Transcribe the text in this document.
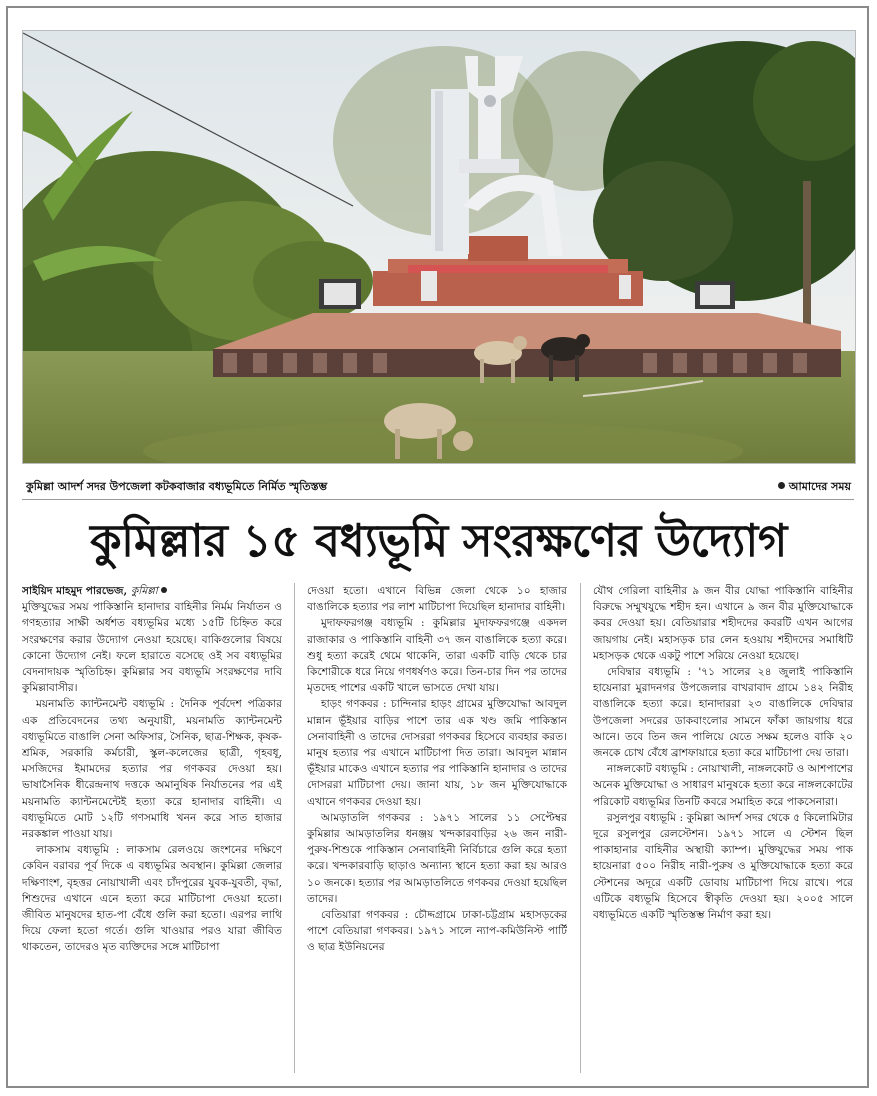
কুমিল্লা আদর্শ সদর উপজেলা কটকবাজার বধ্যভূমিতে নির্মিত স্মৃতিস্তম্ভ	আমাদের সময়
কুমিল্লার ১৫ বধ্যভূমি সংরক্ষণের উদ্যোগ

সাইয়িদ মাহমুদ পারভেজ, কুমিল্লা

মুক্তিযুদ্ধের সময় পাকিস্তানি হানাদার বাহিনীর নির্মম নির্যাতন ও গণহত্যার সাক্ষী অর্ধশত বধ্যভূমির মধ্যে ১৫টি চিহ্নিত করে সংরক্ষণের করার উদ্যোগ নেওয়া হয়েছে। বাকিগুলোর বিষয়ে কোনো উদ্যোগ নেই। ফলে হারাতে বসেছে ওই সব বধ্যভূমির বেদনাদায়ক স্মৃতিচিহ্ন। কুমিল্লার সব বধ্যভূমি সংরক্ষণের দাবি কুমিল্লাবাসীর।

ময়নামতি ক্যান্টনমেন্ট বধ্যভূমি : দৈনিক পূর্বদেশ পত্রিকার এক প্রতিবেদনের তথ্য অনুযায়ী, ময়নামতি ক্যান্টনমেন্ট বধ্যভূমিতে বাঙালি সেনা অফিসার, সৈনিক, ছাত্র-শিক্ষক, কৃষক-শ্রমিক, সরকারি কর্মচারী, স্কুল-কলেজের ছাত্রী, গৃহবধূ, মসজিদের ইমামদের হত্যার পর গণকবর দেওয়া হয়। ভাষাসৈনিক ধীরেন্দ্রনাথ দত্তকে অমানুষিক নির্যাতনের পর এই ময়নামতি ক্যান্টনমেন্টেই হত্যা করে হানাদার বাহিনী। এ বধ্যভূমিতে মোট ১২টি গণসমাধি খনন করে সাত হাজার নরকঙ্কাল পাওয়া যায়।

লাকসাম বধ্যভূমি : লাকসাম রেলওয়ে জংশনের দক্ষিণে কেবিন বরাবর পূর্ব দিকে এ বধ্যভূমির অবস্থান। কুমিল্লা জেলার দক্ষিণাংশ, বৃহত্তর নোয়াখালী এবং চাঁদপুরের যুবক-যুবতী, বৃদ্ধা, শিশুদের এখানে এনে হত্যা করে মাটিচাপা দেওয়া হতো। জীবিত মানুষদের হাত-পা বেঁধে গুলি করা হতো। এরপর লাথি দিয়ে ফেলা হতো গর্তে। গুলি খাওয়ার পরও যারা জীবিত থাকতেন, তাদেরও মৃত ব্যক্তিদের সঙ্গে মাটিচাপা

দেওয়া হতো। এখানে বিভিন্ন জেলা থেকে ১০ হাজার বাঙালিকে হত্যার পর লাশ মাটিচাপা দিয়েছিল হানাদার বাহিনী।

মুদাফফরগঞ্জ বধ্যভূমি : কুমিল্লার মুদাফফরগঞ্জে একদল রাজাকার ও পাকিস্তানি বাহিনী ৩৭ জন বাঙালিকে হত্যা করে। শুধু হত্যা করেই থেমে থাকেনি, তারা একটি বাড়ি থেকে চার কিশোরীকে ধরে নিয়ে গণধর্ষণও করে। তিন-চার দিন পর তাদের মৃতদেহ পাশের একটি খালে ভাসতে দেখা যায়।

হাড়ং গণকবর : চান্দিনার হাড়ং গ্রামের মুক্তিযোদ্ধা আবদুল মান্নান ভূঁইয়ার বাড়ির পাশে তার এক খণ্ড জমি পাকিস্তান সেনাবাহিনী ও তাদের দোসররা গণকবর হিসেবে ব্যবহার করত। মানুষ হত্যার পর এখানে মাটিচাপা দিত তারা। আবদুল মান্নান ভূঁইয়ার মাকেও এখানে হত্যার পর পাকিস্তানি হানাদার ও তাদের দোসররা মাটিচাপা দেয়। জানা যায়, ১৮ জন মুক্তিযোদ্ধাকে এখানে গণকবর দেওয়া হয়।

আমড়াতলি গণকবর : ১৯৭১ সালের ১১ সেপ্টেম্বর কুমিল্লার আমড়াতলির ধনঞ্জয় খন্দকারবাড়ির ২৬ জন নারী-পুরুষ-শিশুকে পাকিস্তান সেনাবাহিনী নির্বিচারে গুলি করে হত্যা করে। খন্দকারবাড়ি ছাড়াও অন্যান্য স্থানে হত্যা করা হয় আরও ১০ জনকে। হত্যার পর আমড়াতলিতে গণকবর দেওয়া হয়েছিল তাদের।

বেতিয়ারা গণকবর : চৌদ্দগ্রামে ঢাকা-চট্টগ্রাম মহাসড়কের পাশে বেতিয়ারা গণকবর। ১৯৭১ সালে ন্যাপ-কমিউনিস্ট পার্টি ও ছাত্র ইউনিয়নের

যৌথ গেরিলা বাহিনীর ৯ জন বীর যোদ্ধা পাকিস্তানি বাহিনীর বিরুদ্ধে সম্মুখযুদ্ধে শহীদ হন। এখানে ৯ জন বীর মুক্তিযোদ্ধাকে কবর দেওয়া হয়। বেতিয়ারার শহীদদের কবরটি এখন আগের জায়গায় নেই। মহাসড়ক চার লেন হওয়ায় শহীদদের সমাধিটি মহাসড়ক থেকে একটু পাশে সরিয়ে নেওয়া হয়েছে।

দেবিদ্বার বধ্যভূমি : '৭১ সালের ২৪ জুলাই পাকিস্তানি হায়েনারা মুরাদনগর উপজেলার বাখরাবাদ গ্রামে ১৪২ নিরীহ বাঙালিকে হত্যা করে। হানাদাররা ২৩ বাঙালিকে দেবিদ্বার উপজেলা সদরের ডাকবাংলোর সামনে ফাঁকা জায়গায় ধরে আনে। তবে তিন জন পালিয়ে যেতে সক্ষম হলেও বাকি ২০ জনকে চোখ বেঁধে ব্রাশফায়ারে হত্যা করে মাটিচাপা দেয় তারা।

নাঙ্গলকোট বধ্যভূমি : নোয়াখালী, নাঙ্গলকোট ও আশপাশের অনেক মুক্তিযোদ্ধা ও সাধারণ মানুষকে হত্যা করে নাঙ্গলকোটের পরিকোট বধ্যভূমির তিনটি কবরে সমাহিত করে পাকসেনারা।

রসুলপুর বধ্যভূমি : কুমিল্লা আদর্শ সদর থেকে ৫ কিলোমিটার দূরে রসুলপুর রেলস্টেশন। ১৯৭১ সালে এ স্টেশন ছিল পাকাহানার বাহিনীর অস্থায়ী ক্যাম্প। মুক্তিযুদ্ধের সময় পাক হায়েনারা ৫০০ নিরীহ নারী-পুরুষ ও মুক্তিযোদ্ধাকে হত্যা করে স্টেশনের অদূরে একটি ডোবায় মাটিচাপা দিয়ে রাখে। পরে এটিকে বধ্যভূমি হিসেবে স্বীকৃতি দেওয়া হয়। ২০০৫ সালে বধ্যভূমিতে একটি স্মৃতিস্তম্ভ নির্মাণ করা হয়।
